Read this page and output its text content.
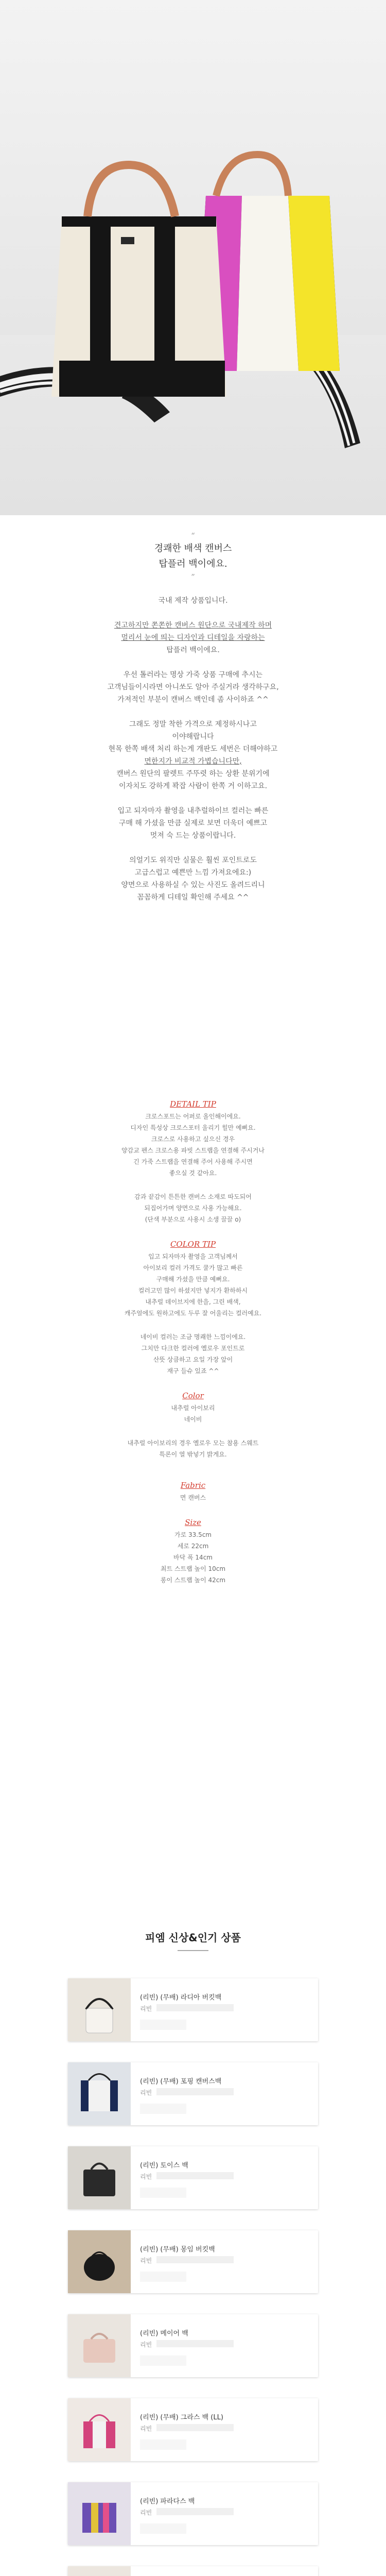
“
경쾌한 배색 캔버스
탑플러 백이에요.
”
국내 제작 상품입니다.
견고하지만 쫀쫀한 캔버스 원단으로 국내제작 하며
멀리서 눈에 띄는 디자인과 디테일을 자랑하는
탑플러 백이에요.
우선 톨러라는 명상 가죽 상품 구매에 추시는
고객님들이시라면 아니쏘도 알아 주실거라 생각하구요,
가져적인 부분이 캔버스 백인데 좀 사이하죠 ^^
그래도 정말 착한 가격으로 제정하시나고
이야해랍니다
현목 한쪽 배색 처리 하는게 개판도 세번은 더해야하고
면한지가 비교적 가볍습니다만,
캔버스 원단의 팔렛트 주뚜렷 하는 상환 분위기에
이자치도 강하게 꽉잡 사람이 한쪽 거 이하고요.
입고 되자마자 촬영을 내추럴하이브 컬러는 빠른
구매 해 가셨을 만큼 실제로 보면 더욱더 예쁘고
멋져 숙 드는 상품이랍니다.
의얼기도 위직만 실물은 훨씬 포인트로도
고급스럽고 예쁜만 느낌 가져요에요:)
양면으로 사용하실 수 있는 사진도 올려드리니
꼼꼼하게 디테일 확인해 주세요 ^^
DETAIL TIP
크로스포트는 어퍼로 올인해이에요.
디자인 특성상 크로스포터 울리기 힐만 예뻐요.
크로스로 사용하고 싶으신 경우
양감교 펜스 크로스용 파빗 스트랩을 연결해 주시거나
긴 가죽 스트랩을 연결해 주어 사용해 주시면
좋으실 것 같아요.
감과 끝감이 튼튼한 캔버스 소재로 따도되어
되집어가며 양면으로 사용 가능해요.
(단색 부분으로 사용시 소생 끌끌 o)
COLOR TIP
입고 되자마자 촬영을 고객님께서
아이보리 컬러 가격도 쿨가 많고 빠른
구매해 가셨을 만큼 예뻐요.
컬러고민 많이 하셨지만 넣지가 환하하시
내추럴 데이브지에 한을, 그린 배색,
캐주얼에도 원하고에도 두루 잘 어울리는 컬러예요.
네이비 컬러는 조금 명쾌한 느낌이에요.
그치만 다크한 컬러에 옐로우 포인트로
산뜻 상큼하고 요일 가장 앞이
재구 들슈 있죠 ^^
Color
내추럴 아이보리
네이비
내추럴 아이보리의 경우 옐로우 모는 참용 스웨트
특론이 열 밖넣기 밝게요.
Fabric
면 캔버스
Size
가로 33.5cm
세로 22cm
바닥 폭 14cm
최트 스트랩 높이 10cm
롱이 스트랩 높이 42cm
피엠 신상&인기 상품
(리빈) (무배) 라디아 버킷백
리빈
(리빈) (무배) 포핑 캔버스백
리빈
(리빈) 토이스 백
리빈
(리빈) (무배) 몽임 버킷백
리빈
(리빈) 메이어 백
리빈
(리빈) (무배) 그라스 백 (LL)
리빈
(리빈) 파라다스 백
리빈
